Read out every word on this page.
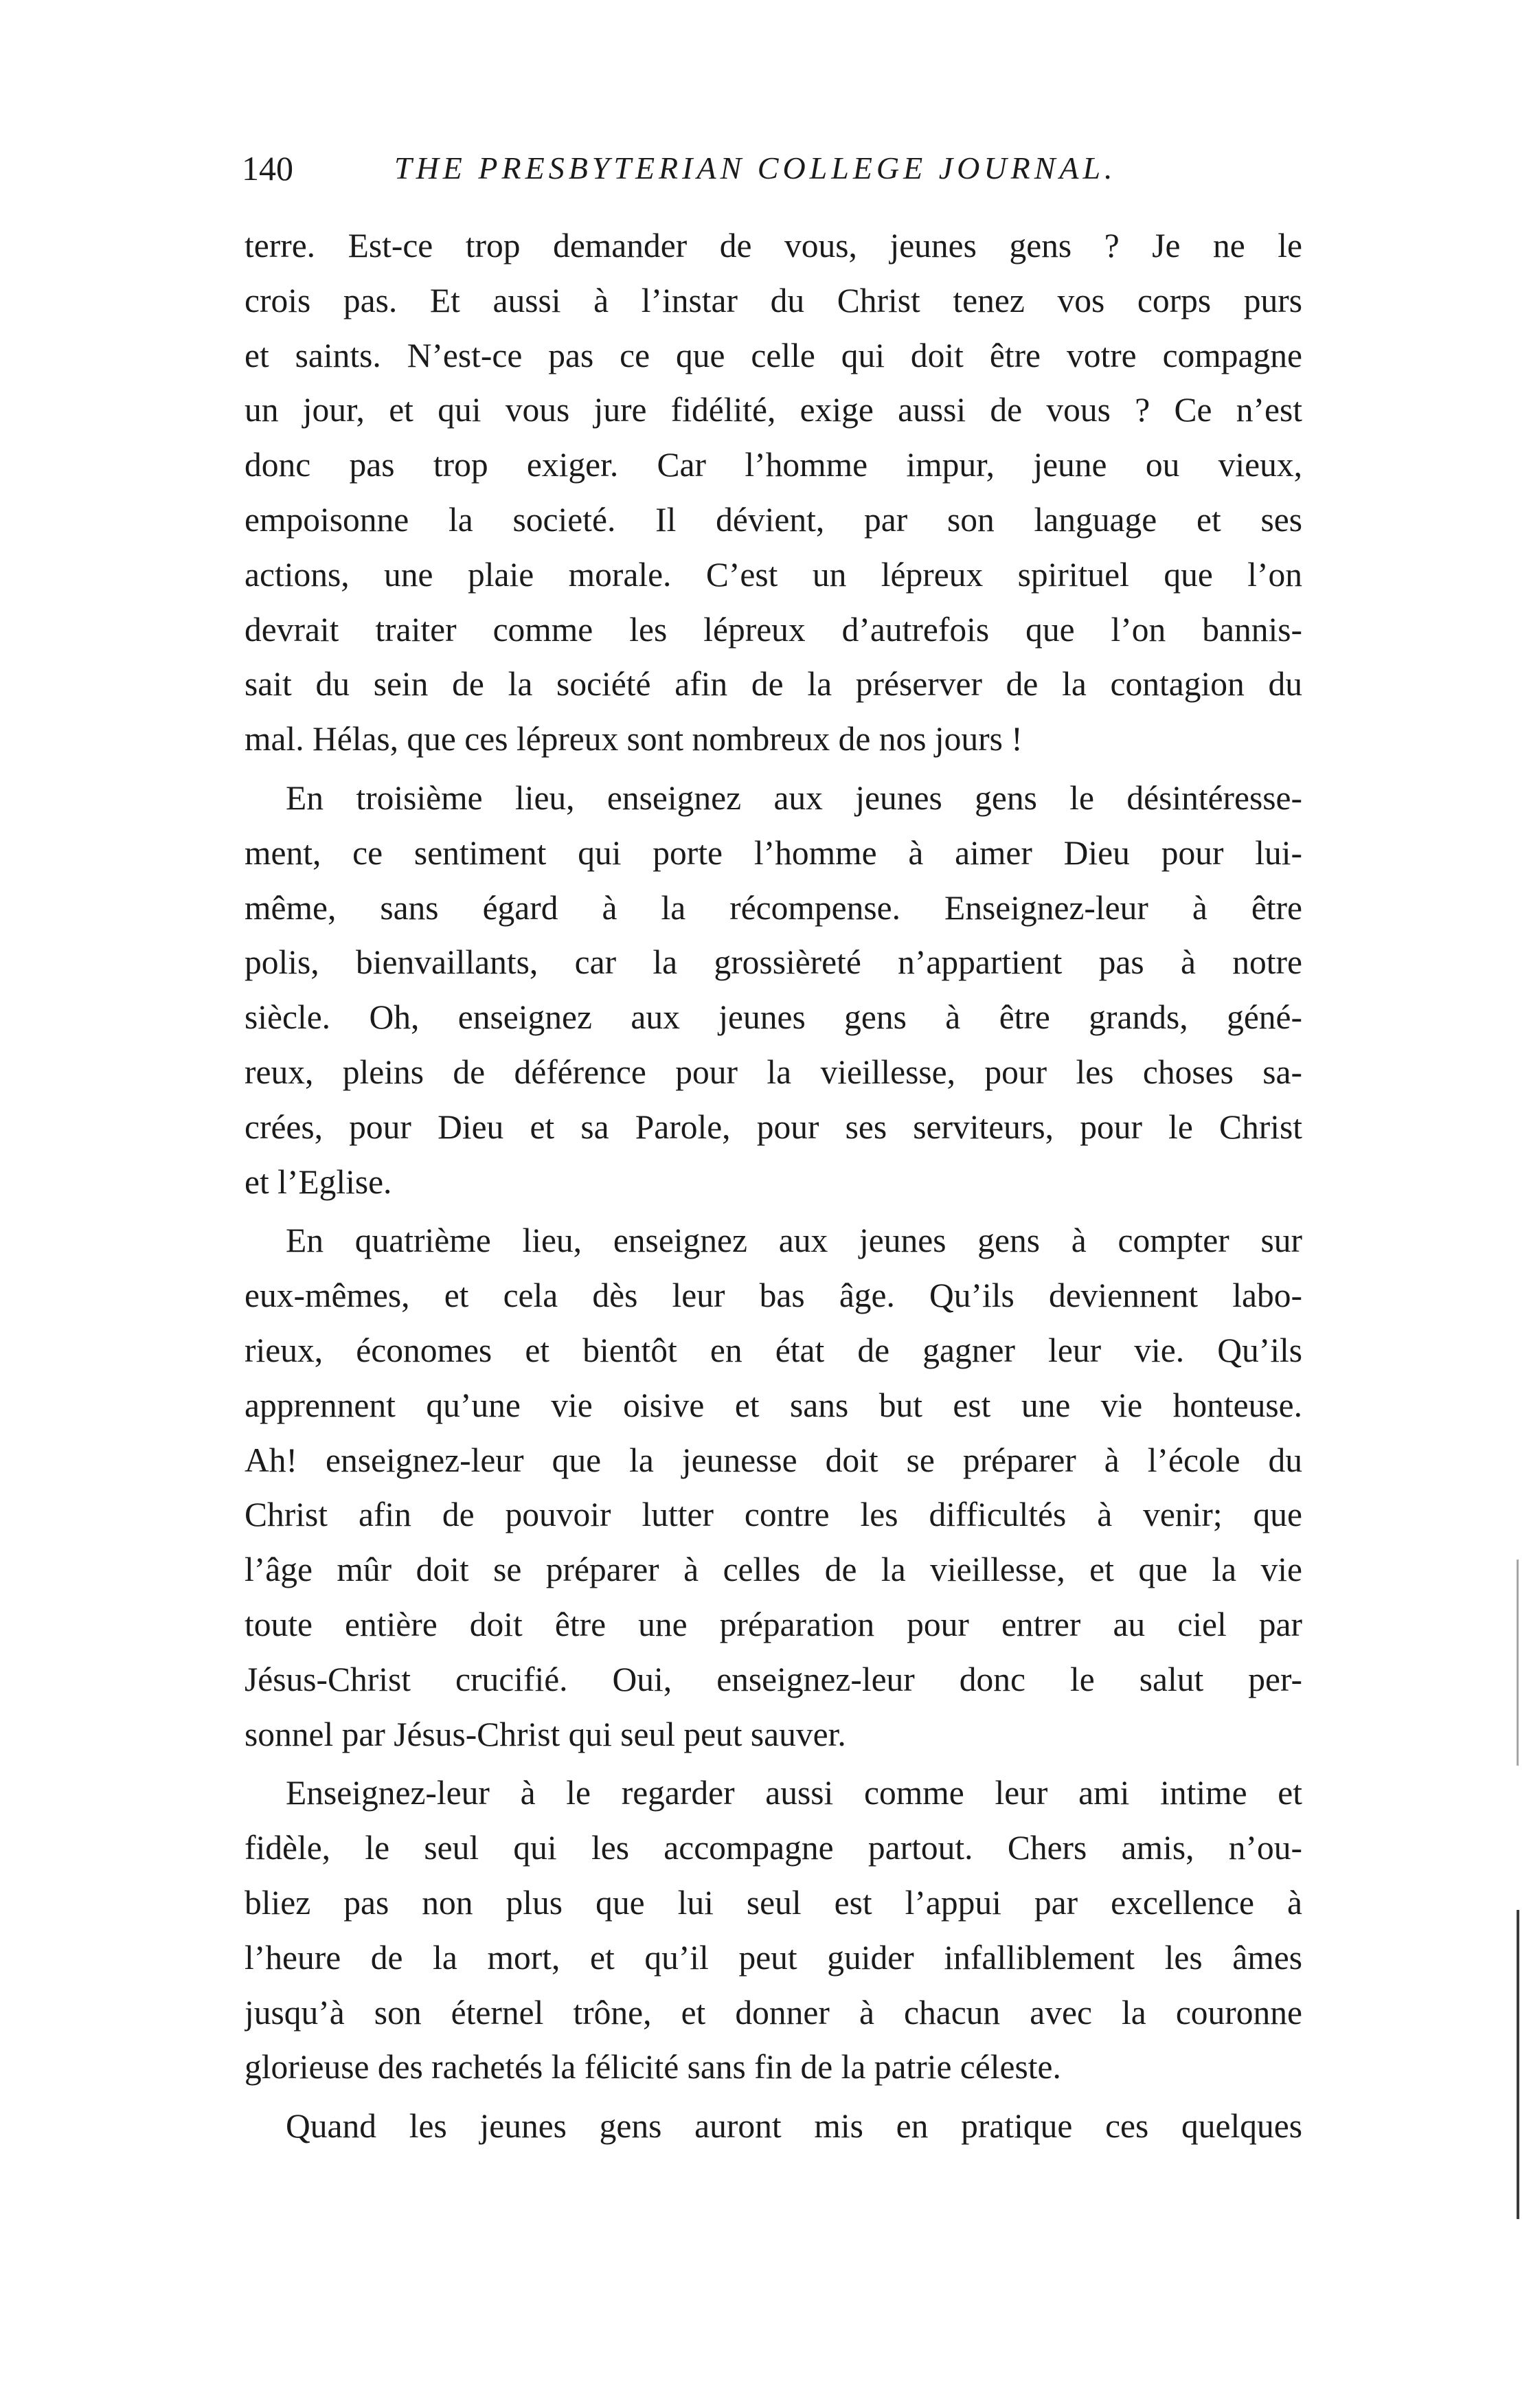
140	THE PRESBYTERIAN COLLEGE JOURNAL.
terre. Est-ce trop demander de vous, jeunes gens ? Je ne le
crois pas. Et aussi à l’instar du Christ tenez vos corps purs
et saints. N’est-ce pas ce que celle qui doit être votre compagne
un jour, et qui vous jure fidélité, exige aussi de vous ? Ce n’est
donc pas trop exiger. Car l’homme impur, jeune ou vieux,
empoisonne la societé. Il dévient, par son language et ses
actions, une plaie morale. C’est un lépreux spirituel que l’on
devrait traiter comme les lépreux d’autrefois que l’on bannis-
sait du sein de la société afin de la préserver de la contagion du
mal. Hélas, que ces lépreux sont nombreux de nos jours !
En troisième lieu, enseignez aux jeunes gens le désintéresse-
ment, ce sentiment qui porte l’homme à aimer Dieu pour lui-
même, sans égard à la récompense. Enseignez-leur à être
polis, bienvaillants, car la grossièreté n’appartient pas à notre
siècle. Oh, enseignez aux jeunes gens à être grands, géné-
reux, pleins de déférence pour la vieillesse, pour les choses sa-
crées, pour Dieu et sa Parole, pour ses serviteurs, pour le Christ
et l’Eglise.
En quatrième lieu, enseignez aux jeunes gens à compter sur
eux-mêmes, et cela dès leur bas âge. Qu’ils deviennent labo-
rieux, économes et bientôt en état de gagner leur vie. Qu’ils
apprennent qu’une vie oisive et sans but est une vie honteuse.
Ah! enseignez-leur que la jeunesse doit se préparer à l’école du
Christ afin de pouvoir lutter contre les difficultés à venir; que
l’âge mûr doit se préparer à celles de la vieillesse, et que la vie
toute entière doit être une préparation pour entrer au ciel par
Jésus-Christ crucifié. Oui, enseignez-leur donc le salut per-
sonnel par Jésus-Christ qui seul peut sauver.
Enseignez-leur à le regarder aussi comme leur ami intime et
fidèle, le seul qui les accompagne partout. Chers amis, n’ou-
bliez pas non plus que lui seul est l’appui par excellence à
l’heure de la mort, et qu’il peut guider infalliblement les âmes
jusqu’à son éternel trône, et donner à chacun avec la couronne
glorieuse des rachetés la félicité sans fin de la patrie céleste.
Quand les jeunes gens auront mis en pratique ces quelques
